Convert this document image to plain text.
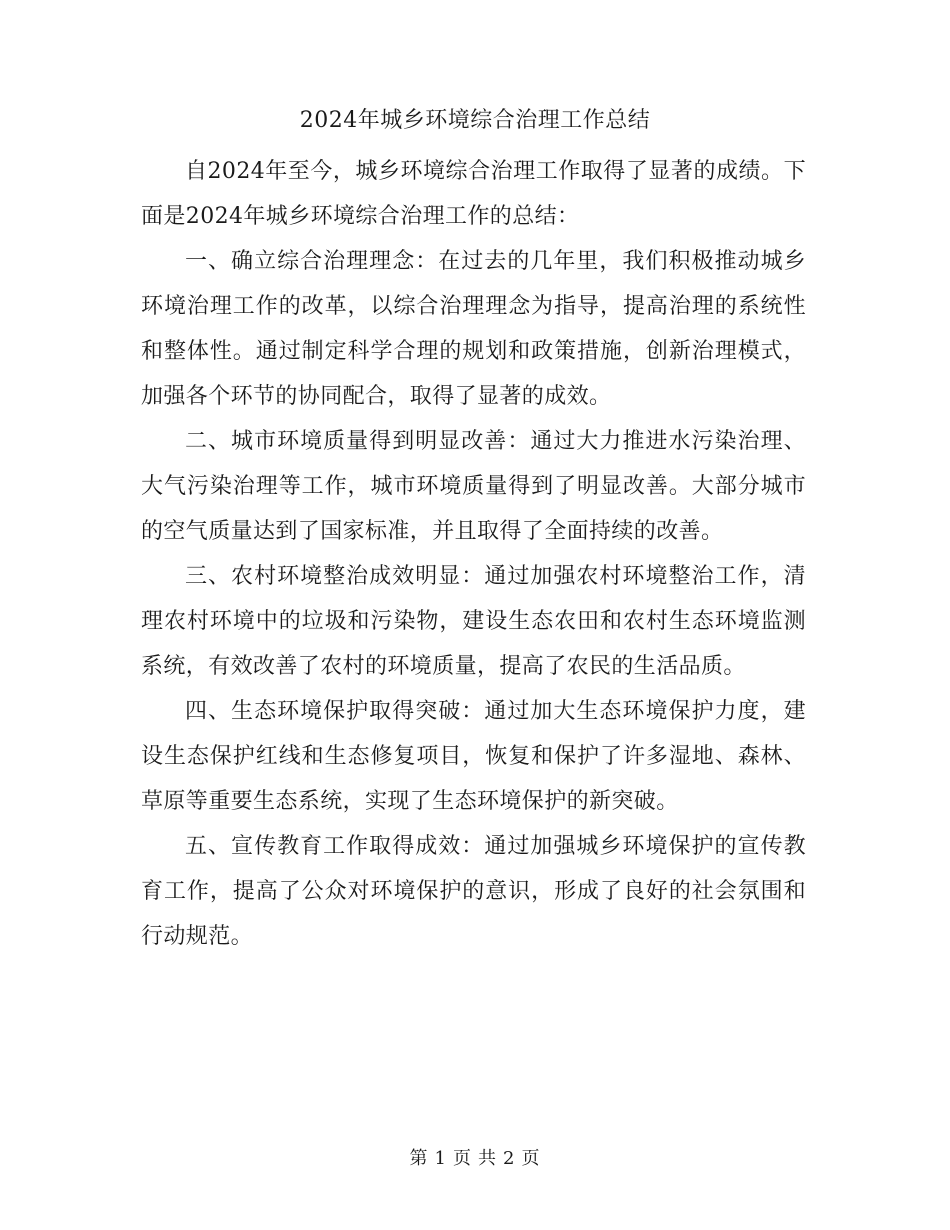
2024年城乡环境综合治理工作总结

自2024年至今，城乡环境综合治理工作取得了显著的成绩。下面是2024年城乡环境综合治理工作的总结：

一、确立综合治理理念：在过去的几年里，我们积极推动城乡环境治理工作的改革，以综合治理理念为指导，提高治理的系统性和整体性。通过制定科学合理的规划和政策措施，创新治理模式，加强各个环节的协同配合，取得了显著的成效。

二、城市环境质量得到明显改善：通过大力推进水污染治理、大气污染治理等工作，城市环境质量得到了明显改善。大部分城市的空气质量达到了国家标准，并且取得了全面持续的改善。

三、农村环境整治成效明显：通过加强农村环境整治工作，清理农村环境中的垃圾和污染物，建设生态农田和农村生态环境监测系统，有效改善了农村的环境质量，提高了农民的生活品质。

四、生态环境保护取得突破：通过加大生态环境保护力度，建设生态保护红线和生态修复项目，恢复和保护了许多湿地、森林、草原等重要生态系统，实现了生态环境保护的新突破。

五、宣传教育工作取得成效：通过加强城乡环境保护的宣传教育工作，提高了公众对环境保护的意识，形成了良好的社会氛围和行动规范。

第 1 页 共 2 页
